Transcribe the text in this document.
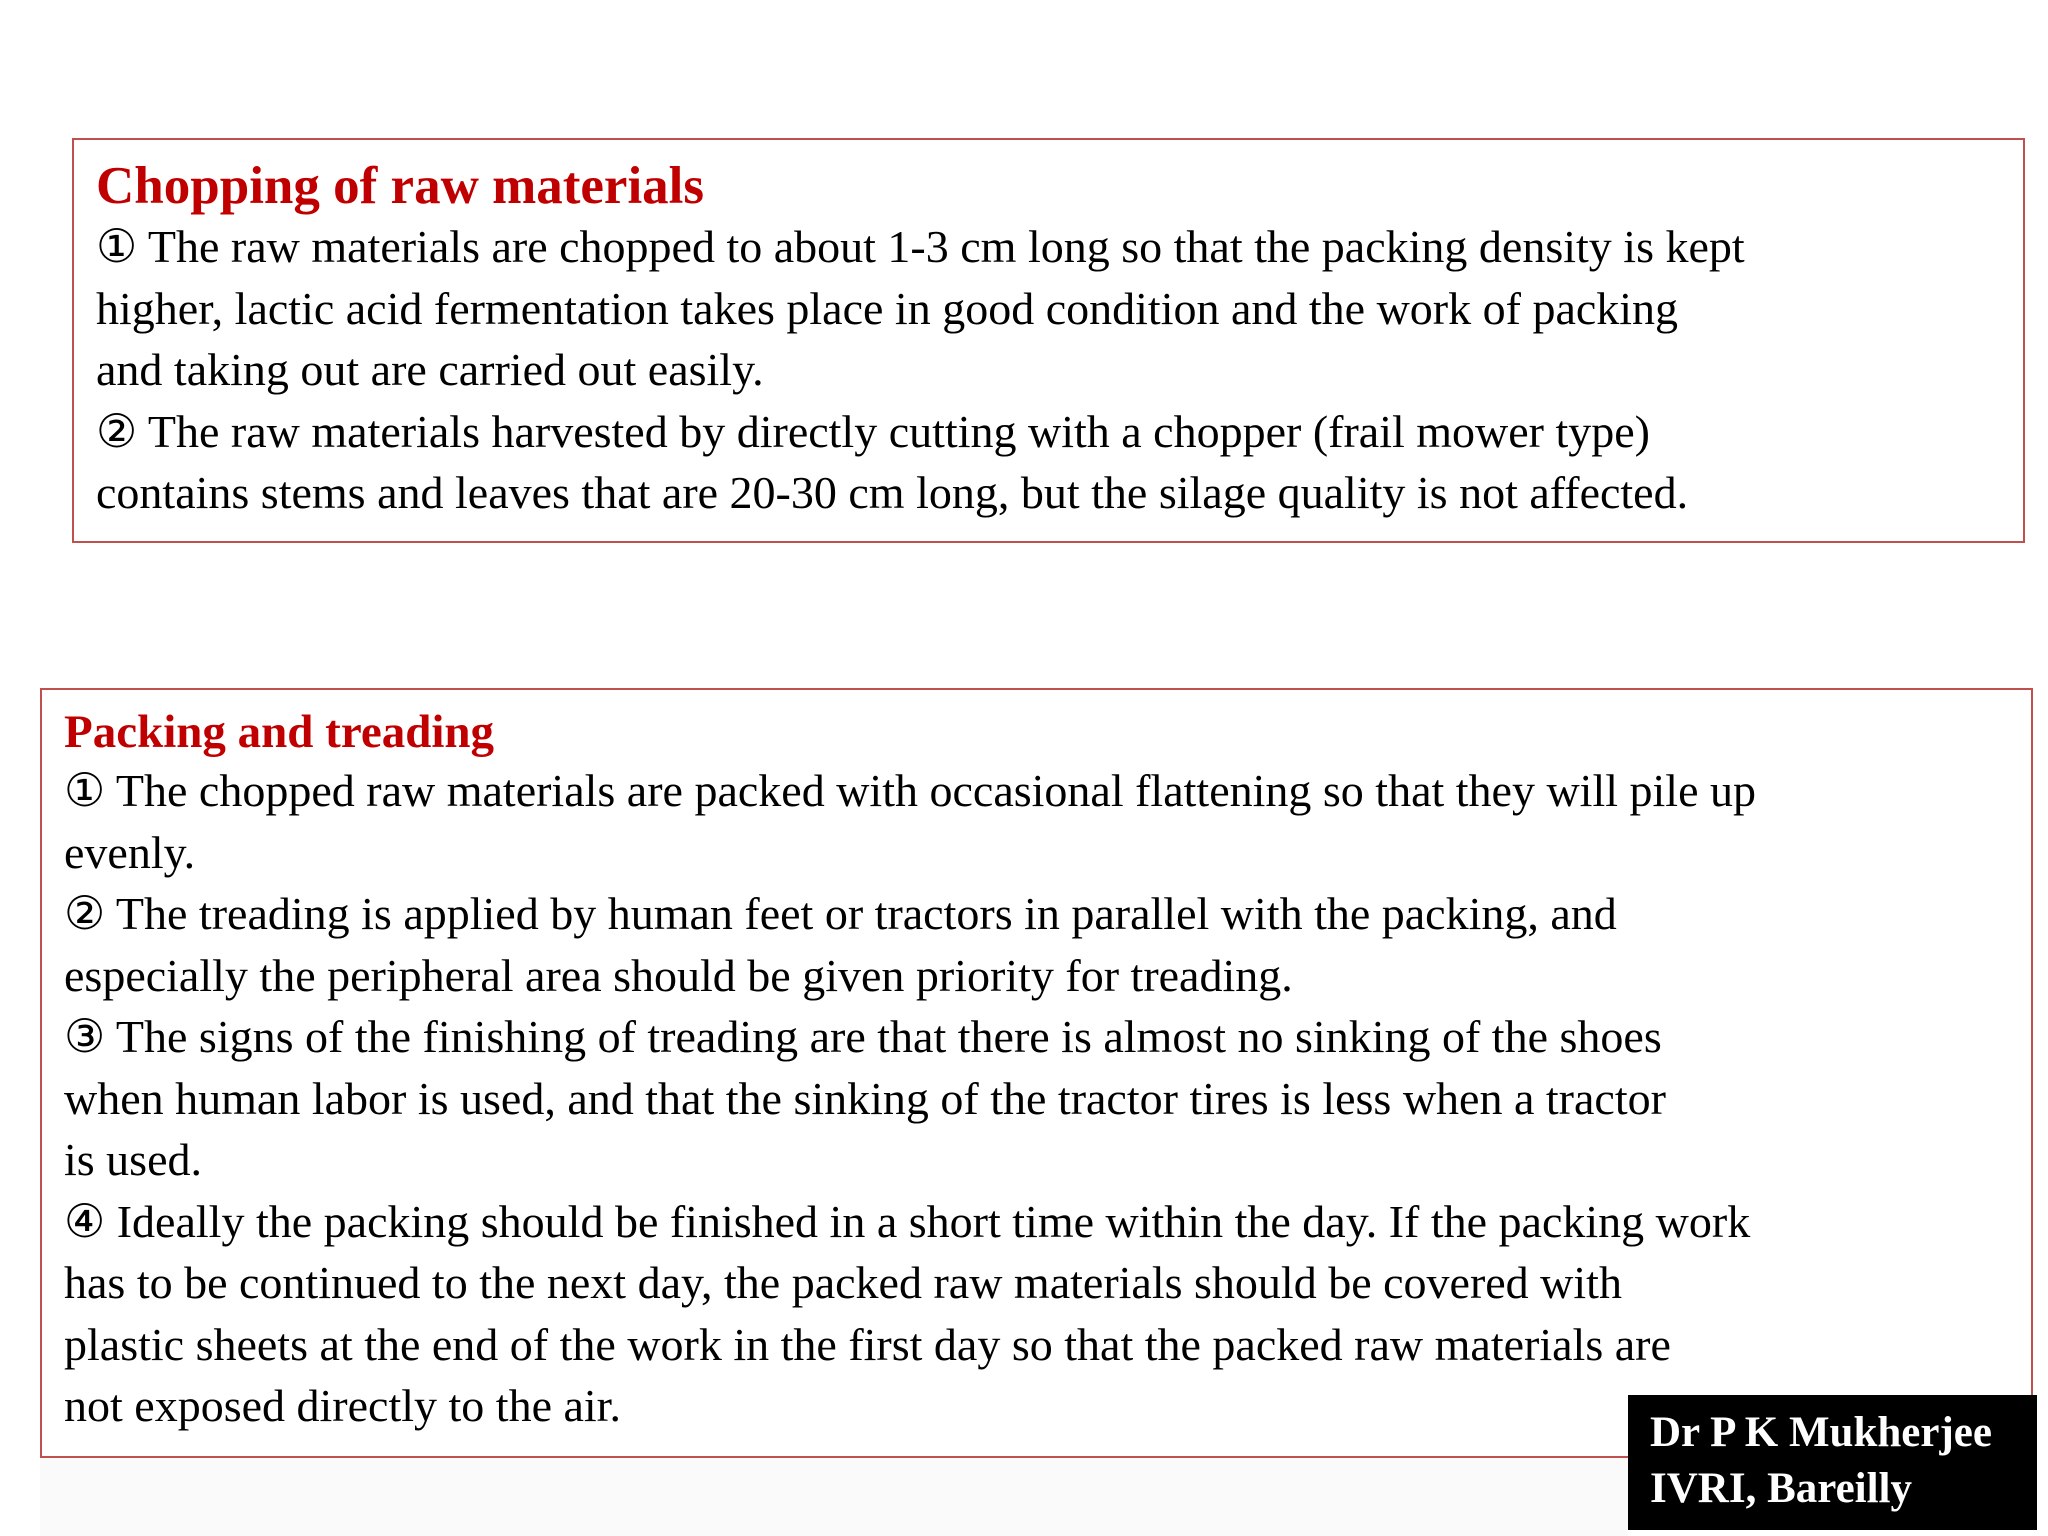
Chopping of raw materials
① The raw materials are chopped to about 1-3 cm long so that the packing density is kept
higher, lactic acid fermentation takes place in good condition and the work of packing
and taking out are carried out easily.
② The raw materials harvested by directly cutting with a chopper (frail mower type)
contains stems and leaves that are 20-30 cm long, but the silage quality is not affected.
Packing and treading
① The chopped raw materials are packed with occasional flattening so that they will pile up
evenly.
② The treading is applied by human feet or tractors in parallel with the packing, and
especially the peripheral area should be given priority for treading.
③ The signs of the finishing of treading are that there is almost no sinking of the shoes
when human labor is used, and that the sinking of the tractor tires is less when a tractor
is used.
④ Ideally the packing should be finished in a short time within the day. If the packing work
has to be continued to the next day, the packed raw materials should be covered with
plastic sheets at the end of the work in the first day so that the packed raw materials are
not exposed directly to the air.
Dr P K Mukherjee
IVRI, Bareilly
